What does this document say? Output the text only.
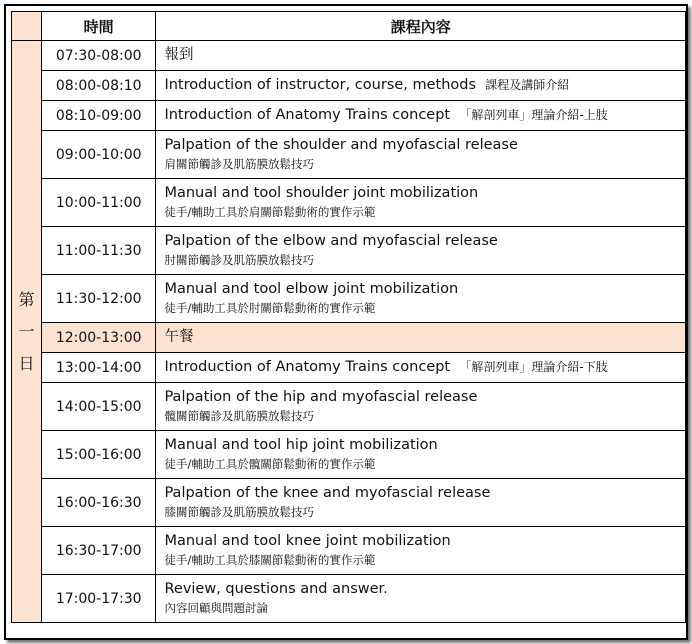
	時間	課程內容
第
一
日	07:30-08:00	報到
	08:00-08:10	Introduction of instructor, course, methods 課程及講師介紹
	08:10-09:00	Introduction of Anatomy Trains concept 「解剖列車」理論介紹-上肢
	09:00-10:00	Palpation of the shoulder and myofascial release
肩關節觸診及肌筋膜放鬆技巧

	10:00-11:00	Manual and tool shoulder joint mobilization
徒手/輔助工具於肩關節鬆動術的實作示範

	11:00-11:30	Palpation of the elbow and myofascial release
肘關節觸診及肌筋膜放鬆技巧

	11:30-12:00	Manual and tool elbow joint mobilization
徒手/輔助工具於肘關節鬆動術的實作示範

	12:00-13:00	午餐
	13:00-14:00	Introduction of Anatomy Trains concept 「解剖列車」理論介紹-下肢
	14:00-15:00	Palpation of the hip and myofascial release
髖關節觸診及肌筋膜放鬆技巧

	15:00-16:00	Manual and tool hip joint mobilization
徒手/輔助工具於髖關節鬆動術的實作示範

	16:00-16:30	Palpation of the knee and myofascial release
膝關節觸診及肌筋膜放鬆技巧

	16:30-17:00	Manual and tool knee joint mobilization
徒手/輔助工具於膝關節鬆動術的實作示範

	17:00-17:30	Review, questions and answer.
內容回顧與問題討論
